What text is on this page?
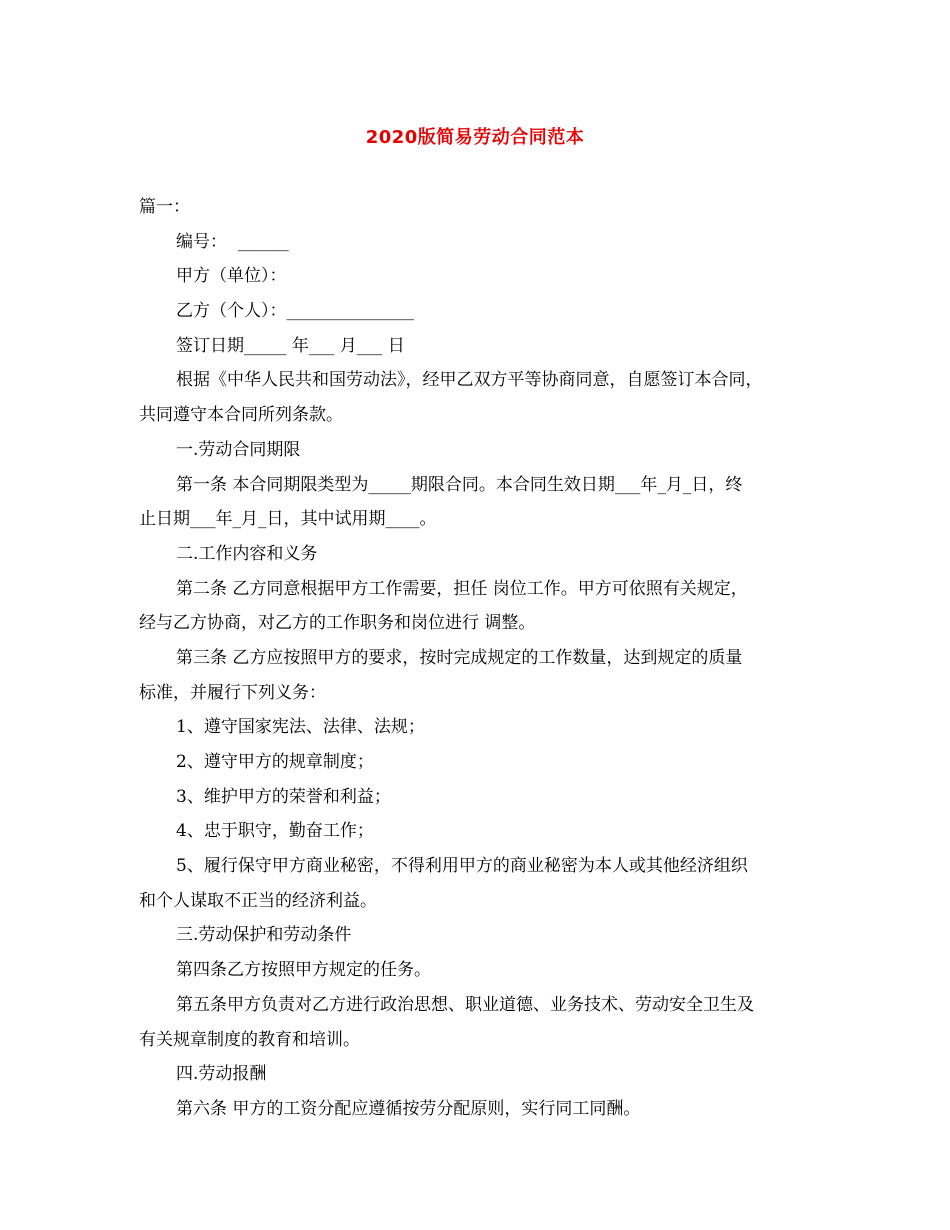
2020版简易劳动合同范本
篇一：
编号：  ______
甲方（单位）：
乙方（个人）：_______________
签订日期_____ 年___ 月___ 日
根据《中华人民共和国劳动法》，经甲乙双方平等协商同意，自愿签订本合同，
共同遵守本合同所列条款。
一.劳动合同期限
第一条 本合同期限类型为_____期限合同。本合同生效日期___年_月_日，终
止日期___年_月_日，其中试用期____。
二.工作内容和义务
第二条 乙方同意根据甲方工作需要，担任 岗位工作。甲方可依照有关规定，
经与乙方协商，对乙方的工作职务和岗位进行 调整。
第三条 乙方应按照甲方的要求，按时完成规定的工作数量，达到规定的质量
标准，并履行下列义务：
1、遵守国家宪法、法律、法规；
2、遵守甲方的规章制度；
3、维护甲方的荣誉和利益；
4、忠于职守，勤奋工作；
5、履行保守甲方商业秘密，不得利用甲方的商业秘密为本人或其他经济组织
和个人谋取不正当的经济利益。
三.劳动保护和劳动条件
第四条乙方按照甲方规定的任务。
第五条甲方负责对乙方进行政治思想、职业道德、业务技术、劳动安全卫生及
有关规章制度的教育和培训。
四.劳动报酬
第六条 甲方的工资分配应遵循按劳分配原则，实行同工同酬。
